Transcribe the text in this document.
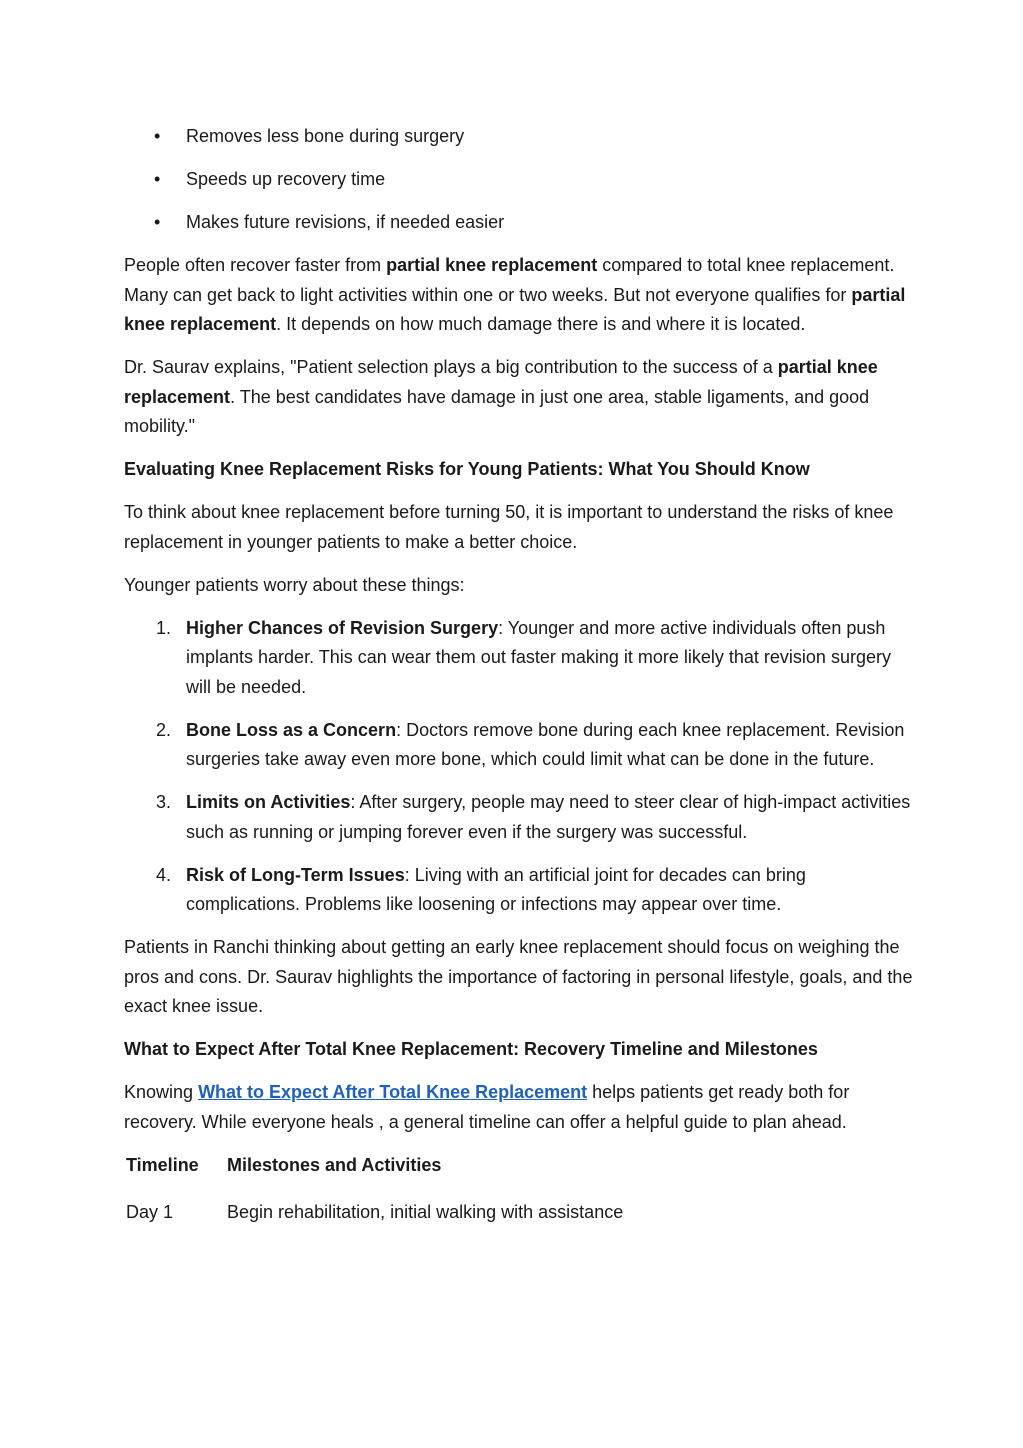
• Removes less bone during surgery
• Speeds up recovery time
• Makes future revisions, if needed easier

People often recover faster from partial knee replacement compared to total knee replacement. Many can get back to light activities within one or two weeks. But not everyone qualifies for partial knee replacement. It depends on how much damage there is and where it is located.

Dr. Saurav explains, "Patient selection plays a big contribution to the success of a partial knee replacement. The best candidates have damage in just one area, stable ligaments, and good mobility."

Evaluating Knee Replacement Risks for Young Patients: What You Should Know

To think about knee replacement before turning 50, it is important to understand the risks of knee replacement in younger patients to make a better choice.

Younger patients worry about these things:

1. Higher Chances of Revision Surgery: Younger and more active individuals often push implants harder. This can wear them out faster making it more likely that revision surgery will be needed.
2. Bone Loss as a Concern: Doctors remove bone during each knee replacement. Revision surgeries take away even more bone, which could limit what can be done in the future.
3. Limits on Activities: After surgery, people may need to steer clear of high-impact activities such as running or jumping forever even if the surgery was successful.
4. Risk of Long-Term Issues: Living with an artificial joint for decades can bring complications. Problems like loosening or infections may appear over time.

Patients in Ranchi thinking about getting an early knee replacement should focus on weighing the pros and cons. Dr. Saurav highlights the importance of factoring in personal lifestyle, goals, and the exact knee issue.

What to Expect After Total Knee Replacement: Recovery Timeline and Milestones

Knowing What to Expect After Total Knee Replacement helps patients get ready both for recovery. While everyone heals , a general timeline can offer a helpful guide to plan ahead.

Timeline	Milestones and Activities
Day 1	Begin rehabilitation, initial walking with assistance
